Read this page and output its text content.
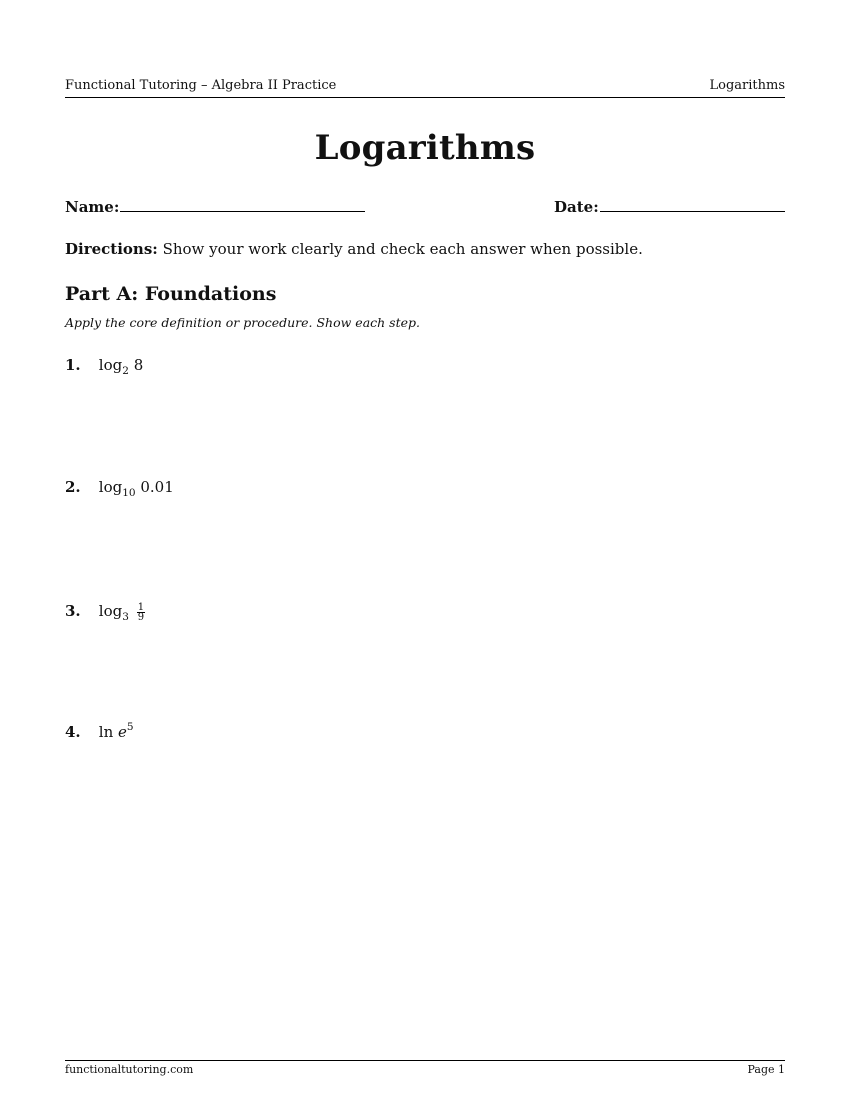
Functional Tutoring – Algebra II Practice	Logarithms
Logarithms
Name:	Date:
Directions: Show your work clearly and check each answer when possible.
Part A: Foundations
Apply the core definition or procedure. Show each step.
1. $\log_2 8$
2. $\log_{10} 0.01$
3. $\log_3 \frac{1}{9}$
4. $\ln e^5$
functionaltutoring.com	Page 1
